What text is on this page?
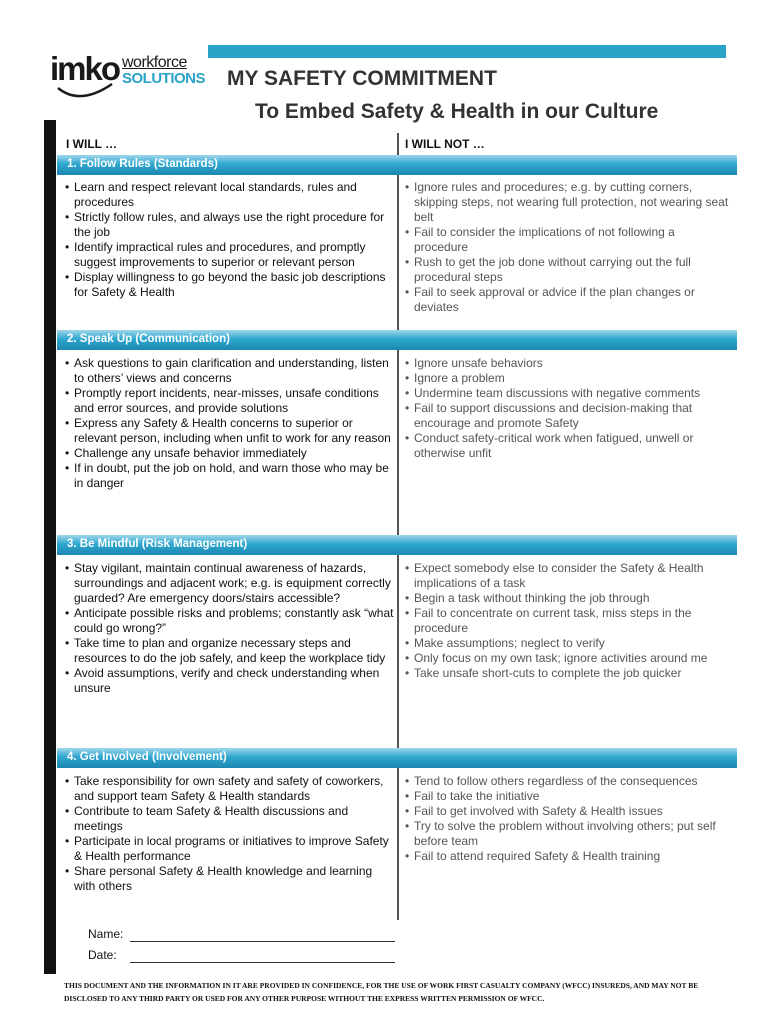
imko workforce
SOLUTIONS MY SAFETY COMMITMENT
To Embed Safety & Health in our Culture
I WILL …	I WILL NOT …
1. Follow Rules (Standards)
• Learn and respect relevant local standards, rules and procedures
• Strictly follow rules, and always use the right procedure for the job
• Identify impractical rules and procedures, and promptly suggest improvements to superior or relevant person
• Display willingness to go beyond the basic job descriptions for Safety & Health
• Ignore rules and procedures; e.g. by cutting corners, skipping steps, not wearing full protection, not wearing seat belt
• Fail to consider the implications of not following a procedure
• Rush to get the job done without carrying out the full procedural steps
• Fail to seek approval or advice if the plan changes or deviates
2. Speak Up (Communication)
• Ask questions to gain clarification and understanding, listen to others’ views and concerns
• Promptly report incidents, near-misses, unsafe conditions and error sources, and provide solutions
• Express any Safety & Health concerns to superior or relevant person, including when unfit to work for any reason
• Challenge any unsafe behavior immediately
• If in doubt, put the job on hold, and warn those who may be in danger
• Ignore unsafe behaviors
• Ignore a problem
• Undermine team discussions with negative comments
• Fail to support discussions and decision-making that encourage and promote Safety
• Conduct safety-critical work when fatigued, unwell or otherwise unfit
3. Be Mindful (Risk Management)
• Stay vigilant, maintain continual awareness of hazards, surroundings and adjacent work; e.g. is equipment correctly guarded? Are emergency doors/stairs accessible?
• Anticipate possible risks and problems; constantly ask “what could go wrong?”
• Take time to plan and organize necessary steps and resources to do the job safely, and keep the workplace tidy
• Avoid assumptions, verify and check understanding when unsure
• Expect somebody else to consider the Safety & Health implications of a task
• Begin a task without thinking the job through
• Fail to concentrate on current task, miss steps in the procedure
• Make assumptions; neglect to verify
• Only focus on my own task; ignore activities around me
• Take unsafe short-cuts to complete the job quicker
4. Get Involved (Involvement)
• Take responsibility for own safety and safety of coworkers, and support team Safety & Health standards
• Contribute to team Safety & Health discussions and meetings
• Participate in local programs or initiatives to improve Safety & Health performance
• Share personal Safety & Health knowledge and learning with others
• Tend to follow others regardless of the consequences
• Fail to take the initiative
• Fail to get involved with Safety & Health issues
• Try to solve the problem without involving others; put self before team
• Fail to attend required Safety & Health training
Name:
Date:
THIS DOCUMENT AND THE INFORMATION IN IT ARE PROVIDED IN CONFIDENCE, FOR THE USE OF WORK FIRST CASUALTY COMPANY (WFCC) INSUREDS, AND MAY NOT BE DISCLOSED TO ANY THIRD PARTY OR USED FOR ANY OTHER PURPOSE WITHOUT THE EXPRESS WRITTEN PERMISSION OF WFCC.
